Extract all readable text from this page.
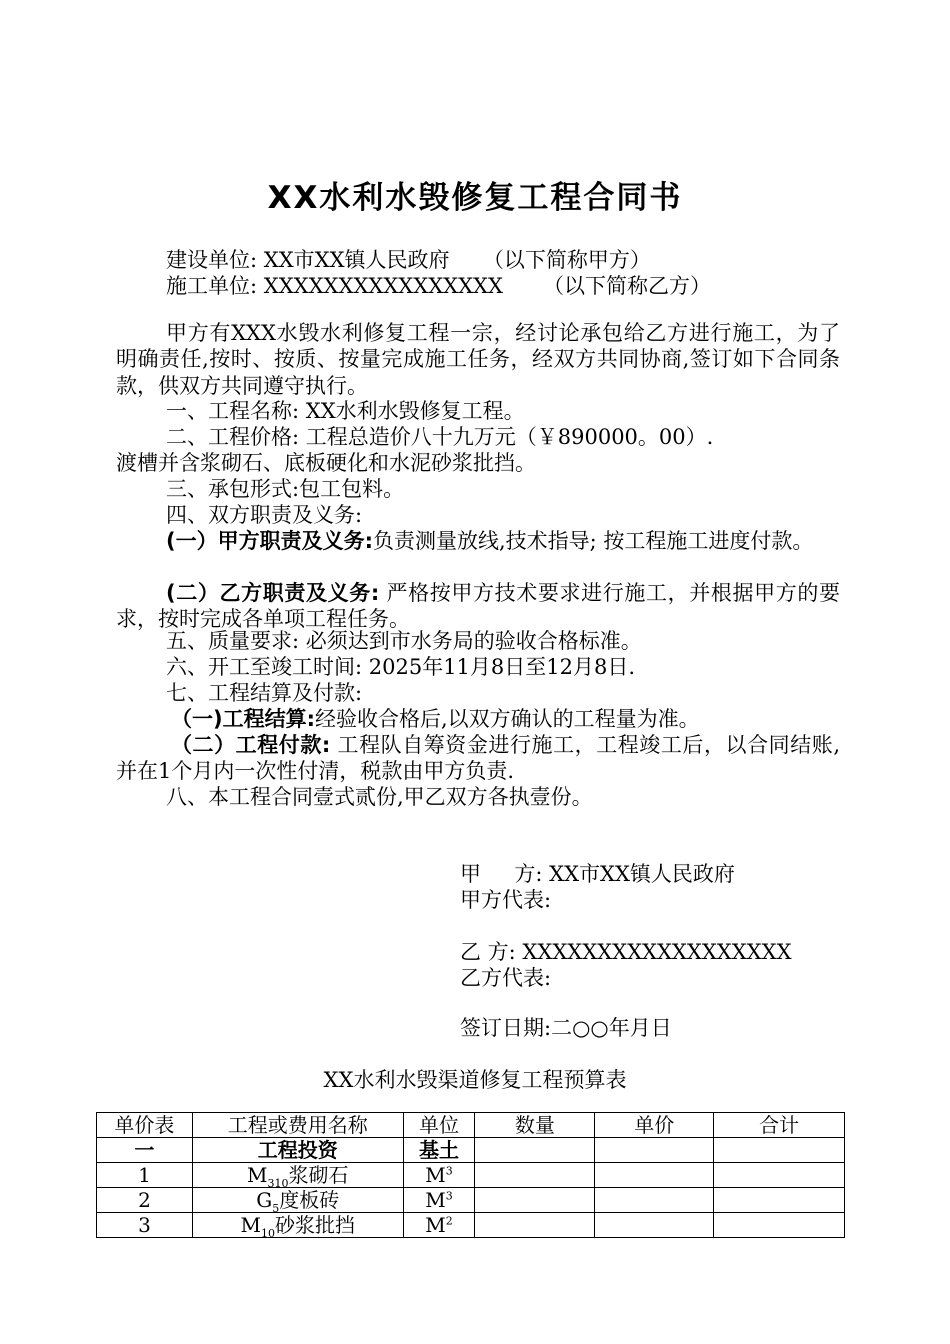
XX水利水毁修复工程合同书
建设单位: XX市XX镇人民政府     （以下简称甲方）
施工单位: XXXXXXXXXXXXXXXX      （以下简称乙方）
甲方有XXX水毁水利修复工程一宗，经讨论承包给乙方进行施工，为了明确责任,按时、按质、按量完成施工任务，经双方共同协商,签订如下合同条款，供双方共同遵守执行。
一、工程名称: XX水利水毁修复工程。
二、工程价格: 工程总造价八十九万元（￥890000。00）.
渡槽并含浆砌石、底板硬化和水泥砂浆批挡。
三、承包形式:包工包料。
四、双方职责及义务:
(一）甲方职责及义务:负责测量放线,技术指导; 按工程施工进度付款。
(二）乙方职责及义务: 严格按甲方技术要求进行施工，并根据甲方的要求，按时完成各单项工程任务。
五、质量要求: 必须达到市水务局的验收合格标准。
六、开工至竣工时间: 2025年11月8日至12月8日.
七、工程结算及付款:
（一)工程结算:经验收合格后,以双方确认的工程量为准。
（二）工程付款: 工程队自筹资金进行施工，工程竣工后，以合同结账,并在1个月内一次性付清，税款由甲方负责.
八、本工程合同壹式贰份,甲乙双方各执壹份。
甲     方: XX市XX镇人民政府
甲方代表:
乙 方: XXXXXXXXXXXXXXXXXX
乙方代表:
签订日期:二○○年月日
XX水利水毁渠道修复工程预算表
单价表	工程或费用名称	单位	数量	单价	合计
一	工程投资	基土			
1	$M_{310}$浆砌石	$M^3$			
2	$G_5$度板砖	$M^3$			
3	$M_{10}$砂浆批挡	$M^2$			
